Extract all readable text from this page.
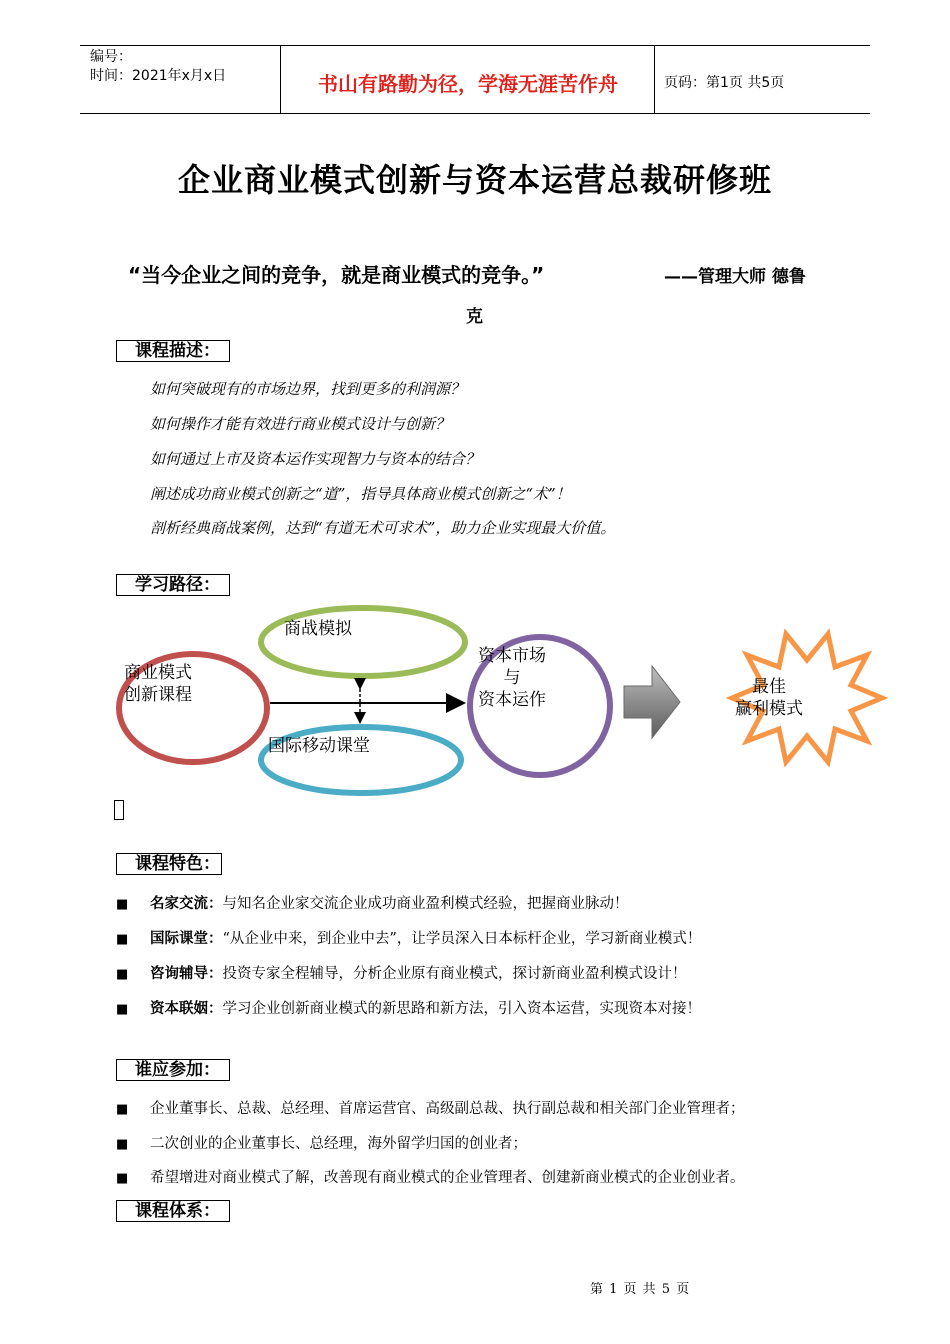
编号：
时间：2021年x月x日	书山有路勤为径，学海无涯苦作舟	页码：第1页 共5页
企业商业模式创新与资本运营总裁研修班
“当今企业之间的竞争，就是商业模式的竞争。”	——管理大师 德鲁
克
课程描述：
如何突破现有的市场边界，找到更多的利润源？
如何操作才能有效进行商业模式设计与创新？
如何通过上市及资本运作实现智力与资本的结合？
阐述成功商业模式创新之“道”，指导具体商业模式创新之“术”！
剖析经典商战案例，达到“有道无术可求术”，助力企业实现最大价值。
学习路径：
商业模式
创新课程
商战模拟
国际移动课堂
资本市场
与
资本运作
最佳
赢利模式
课程特色：
■ 名家交流：与知名企业家交流企业成功商业盈利模式经验，把握商业脉动！
■ 国际课堂：“从企业中来，到企业中去”，让学员深入日本标杆企业，学习新商业模式！
■ 咨询辅导：投资专家全程辅导，分析企业原有商业模式，探讨新商业盈利模式设计！
■ 资本联姻：学习企业创新商业模式的新思路和新方法，引入资本运营，实现资本对接！
谁应参加：
■ 企业董事长、总裁、总经理、首席运营官、高级副总裁、执行副总裁和相关部门企业管理者；
■ 二次创业的企业董事长、总经理，海外留学归国的创业者；
■ 希望增进对商业模式了解，改善现有商业模式的企业管理者、创建新商业模式的企业创业者。
课程体系：
第 1 页 共 5 页
